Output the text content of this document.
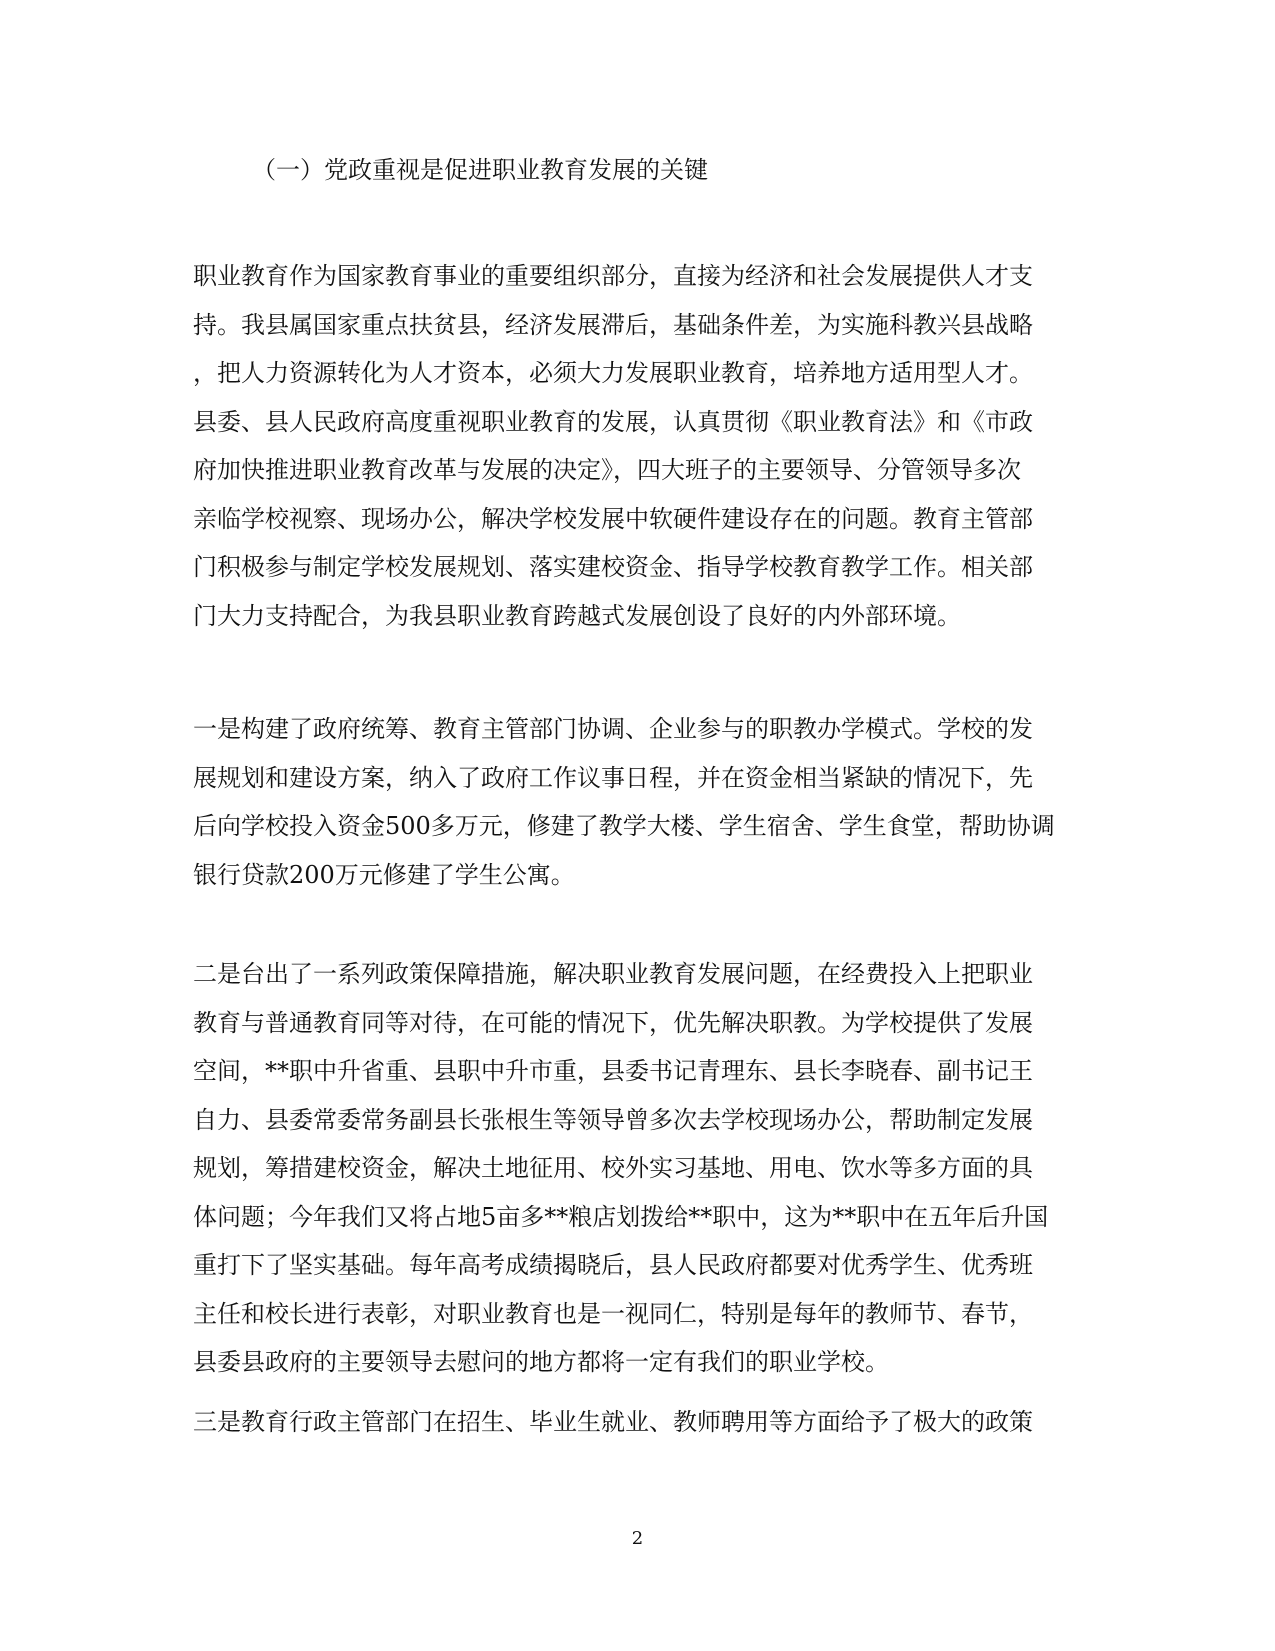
（一）党政重视是促进职业教育发展的关键
职业教育作为国家教育事业的重要组织部分，直接为经济和社会发展提供人才支
持。我县属国家重点扶贫县，经济发展滞后，基础条件差，为实施科教兴县战略
，把人力资源转化为人才资本，必须大力发展职业教育，培养地方适用型人才。
县委、县人民政府高度重视职业教育的发展，认真贯彻《职业教育法》和《市政
府加快推进职业教育改革与发展的决定》，四大班子的主要领导、分管领导多次
亲临学校视察、现场办公，解决学校发展中软硬件建设存在的问题。教育主管部
门积极参与制定学校发展规划、落实建校资金、指导学校教育教学工作。相关部
门大力支持配合，为我县职业教育跨越式发展创设了良好的内外部环境。
一是构建了政府统筹、教育主管部门协调、企业参与的职教办学模式。学校的发
展规划和建设方案，纳入了政府工作议事日程，并在资金相当紧缺的情况下，先
后向学校投入资金500多万元，修建了教学大楼、学生宿舍、学生食堂，帮助协调
银行贷款200万元修建了学生公寓。
二是台出了一系列政策保障措施，解决职业教育发展问题，在经费投入上把职业
教育与普通教育同等对待，在可能的情况下，优先解决职教。为学校提供了发展
空间，**职中升省重、县职中升市重，县委书记青理东、县长李晓春、副书记王
自力、县委常委常务副县长张根生等领导曾多次去学校现场办公，帮助制定发展
规划，筹措建校资金，解决土地征用、校外实习基地、用电、饮水等多方面的具
体问题；今年我们又将占地5亩多**粮店划拨给**职中，这为**职中在五年后升国
重打下了坚实基础。每年高考成绩揭晓后，县人民政府都要对优秀学生、优秀班
主任和校长进行表彰，对职业教育也是一视同仁，特别是每年的教师节、春节，
县委县政府的主要领导去慰问的地方都将一定有我们的职业学校。
三是教育行政主管部门在招生、毕业生就业、教师聘用等方面给予了极大的政策
2
